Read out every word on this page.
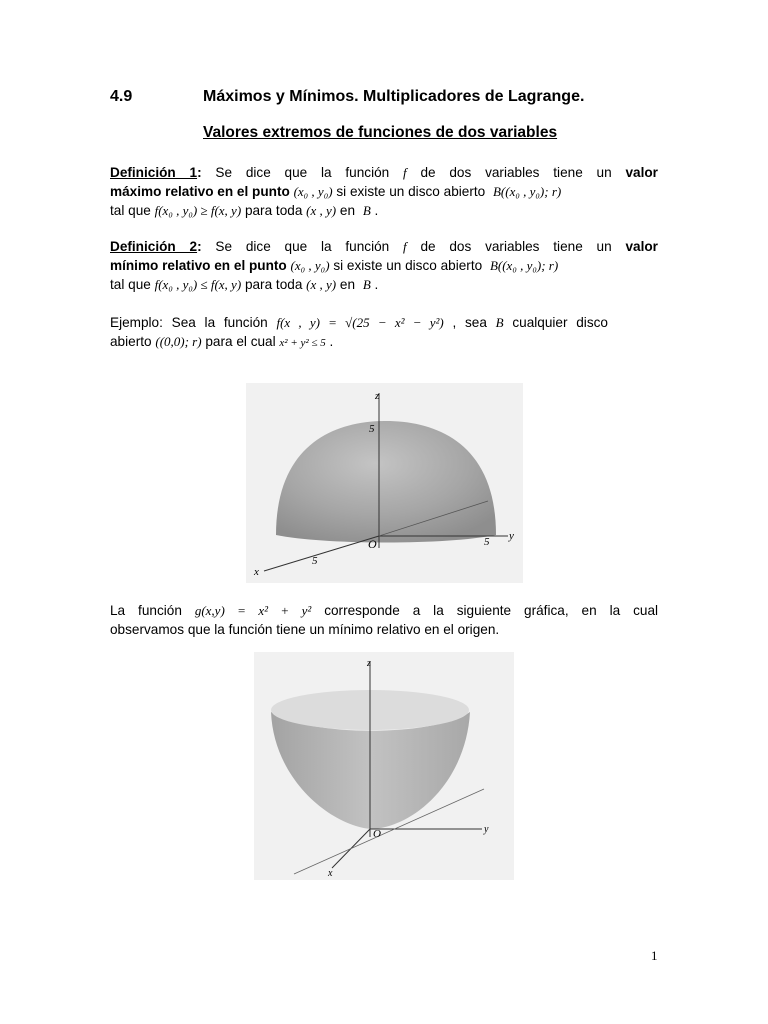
4.9	Máximos y Mínimos. Multiplicadores de Lagrange.
Valores extremos de funciones de dos variables
Definición 1: Se dice que la función f de dos variables tiene un valor
máximo relativo en el punto (x₀ , y₀) si existe un disco abierto B((x₀ , y₀); r)
tal que f(x₀ , y₀) ≥ f(x, y) para toda (x , y) en B .
Definición 2: Se dice que la función f de dos variables tiene un valor
mínimo relativo en el punto (x₀ , y₀) si existe un disco abierto B((x₀ , y₀); r)
tal que f(x₀ , y₀) ≤ f(x, y) para toda (x , y) en B .
Ejemplo: Sea la función f(x , y) = √(25 − x² − y²) , sea B cualquier disco
abierto ((0,0); r) para el cual x² + y² ≤ 5 .
z
y
x
O
5
5
5
La función g(x,y) = x² + y² corresponde a la siguiente gráfica, en la cual
observamos que la función tiene un mínimo relativo en el origen.
z
y
x
O
1
